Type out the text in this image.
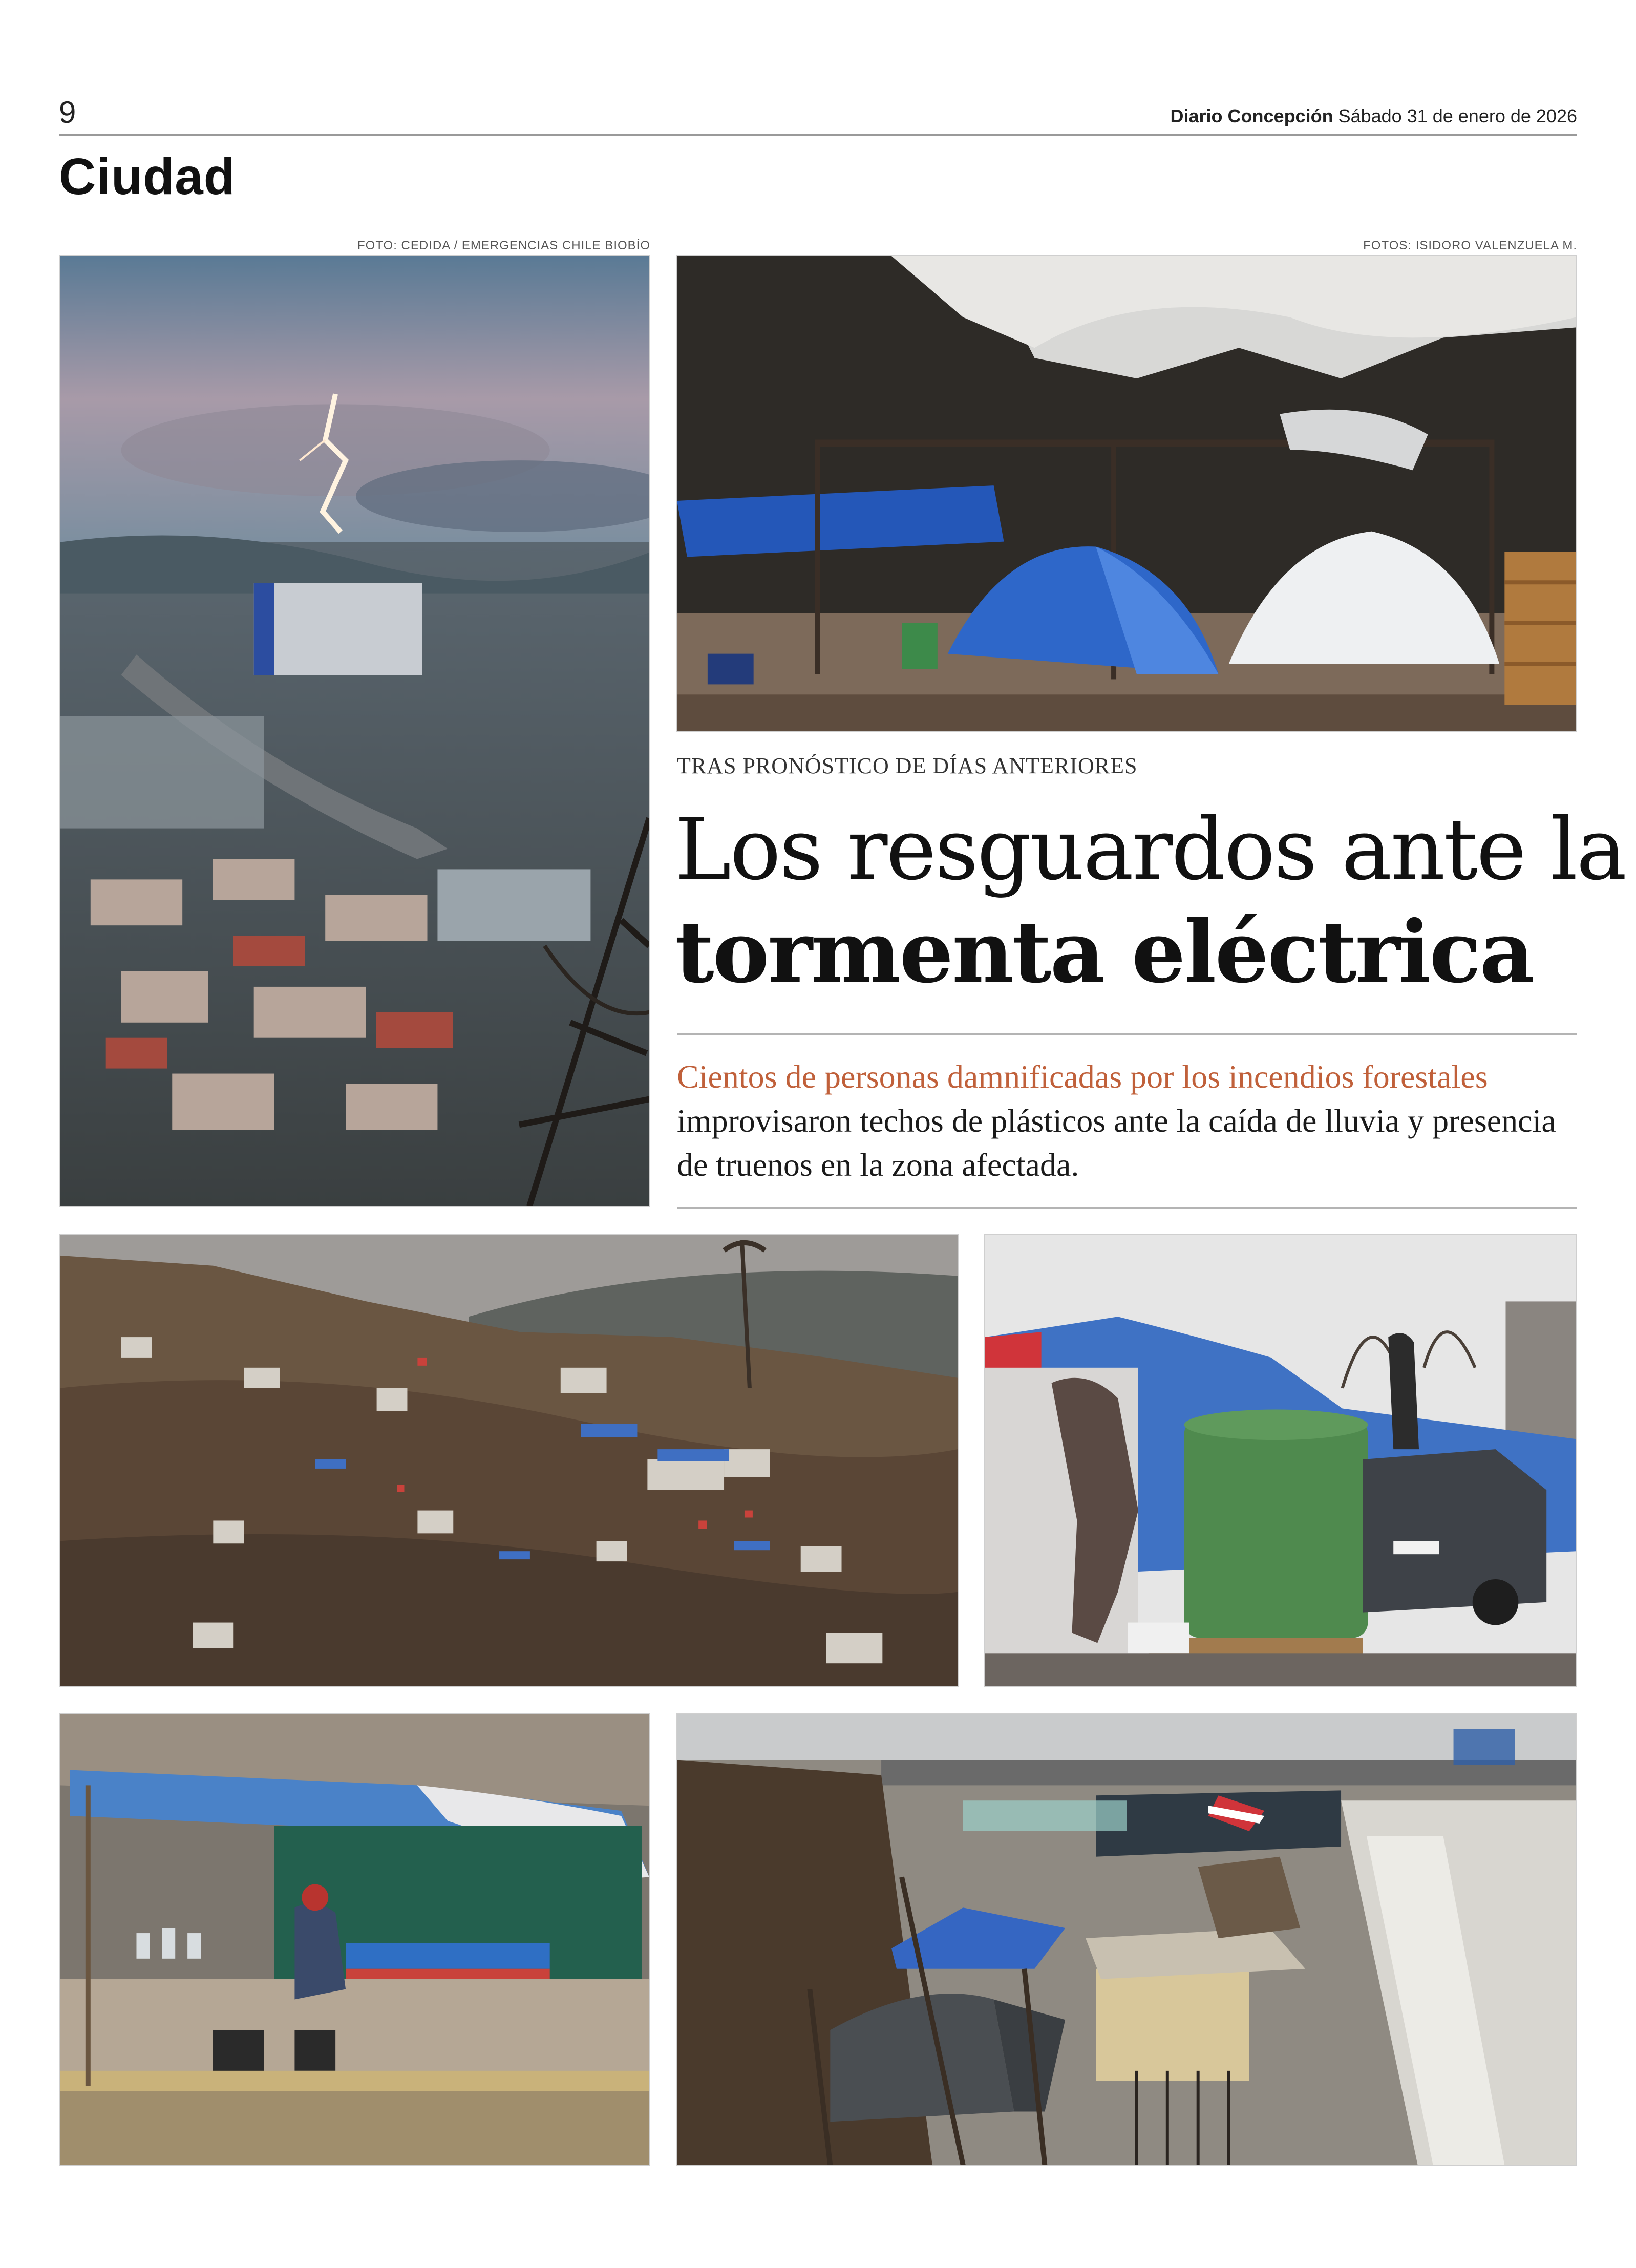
9	Diario Concepción Sábado 31 de enero de 2026
Ciudad
FOTO: CEDIDA / EMERGENCIAS CHILE BIOBÍO	FOTOS: ISIDORO VALENZUELA M.
TRAS PRONÓSTICO DE DÍAS ANTERIORES
Los resguardos ante la
tormenta eléctrica
Cientos de personas damnificadas por los incendios forestales improvisaron techos de plásticos ante la caída de lluvia y presencia de truenos en la zona afectada.
